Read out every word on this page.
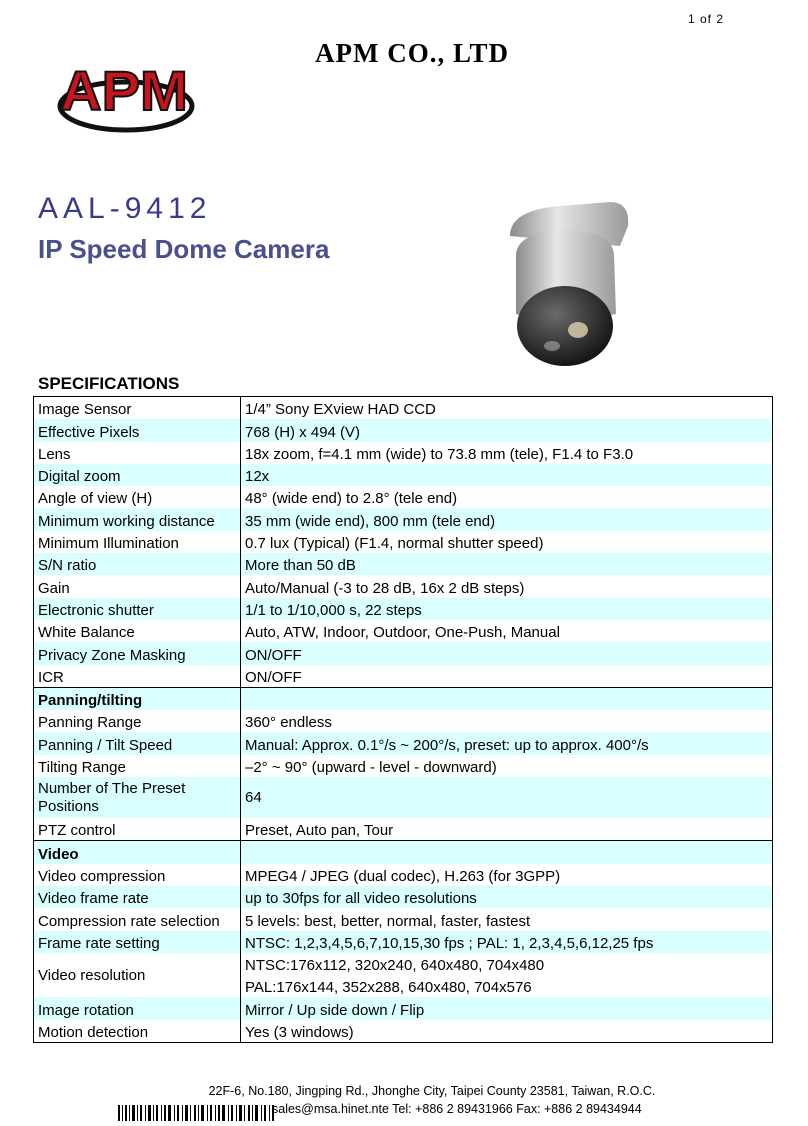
1 of 2
APM CO., LTD
APM
AAL-9412
IP Speed Dome Camera
SPECIFICATIONS
Image Sensor	1/4” Sony EXview HAD CCD
Effective Pixels	768 (H) x 494 (V)
Lens	18x zoom, f=4.1 mm (wide) to 73.8 mm (tele), F1.4 to F3.0
Digital zoom	12x
Angle of view (H)	48° (wide end) to 2.8° (tele end)
Minimum working distance	35 mm (wide end), 800 mm (tele end)
Minimum Illumination	0.7 lux (Typical) (F1.4, normal shutter speed)
S/N ratio	More than 50 dB
Gain	Auto/Manual (-3 to 28 dB, 16x 2 dB steps)
Electronic shutter	1/1 to 1/10,000 s, 22 steps
White Balance	Auto, ATW, Indoor, Outdoor, One-Push, Manual
Privacy Zone Masking	ON/OFF
ICR	ON/OFF
Panning/tilting	
Panning Range	360° endless
Panning / Tilt Speed	Manual: Approx. 0.1°/s ~ 200°/s, preset: up to approx. 400°/s
Tilting Range	–2° ~ 90° (upward - level - downward)
Number of The Preset Positions	64
PTZ control	Preset, Auto pan, Tour
Video	
Video compression	MPEG4 / JPEG (dual codec), H.263 (for 3GPP)
Video frame rate	up to 30fps for all video resolutions
Compression rate selection	5 levels: best, better, normal, faster, fastest
Frame rate setting	NTSC: 1,2,3,4,5,6,7,10,15,30 fps ; PAL: 1, 2,3,4,5,6,12,25 fps
Video resolution	NTSC:176x112, 320x240, 640x480, 704x480
	PAL:176x144, 352x288, 640x480, 704x576
Image rotation	Mirror / Up side down / Flip
Motion detection	Yes (3 windows)
22F-6, No.180, Jingping Rd., Jhonghe City, Taipei County 23581, Taiwan, R.O.C.
sales@msa.hinet.nte Tel: +886 2 89431966 Fax: +886 2 89434944
